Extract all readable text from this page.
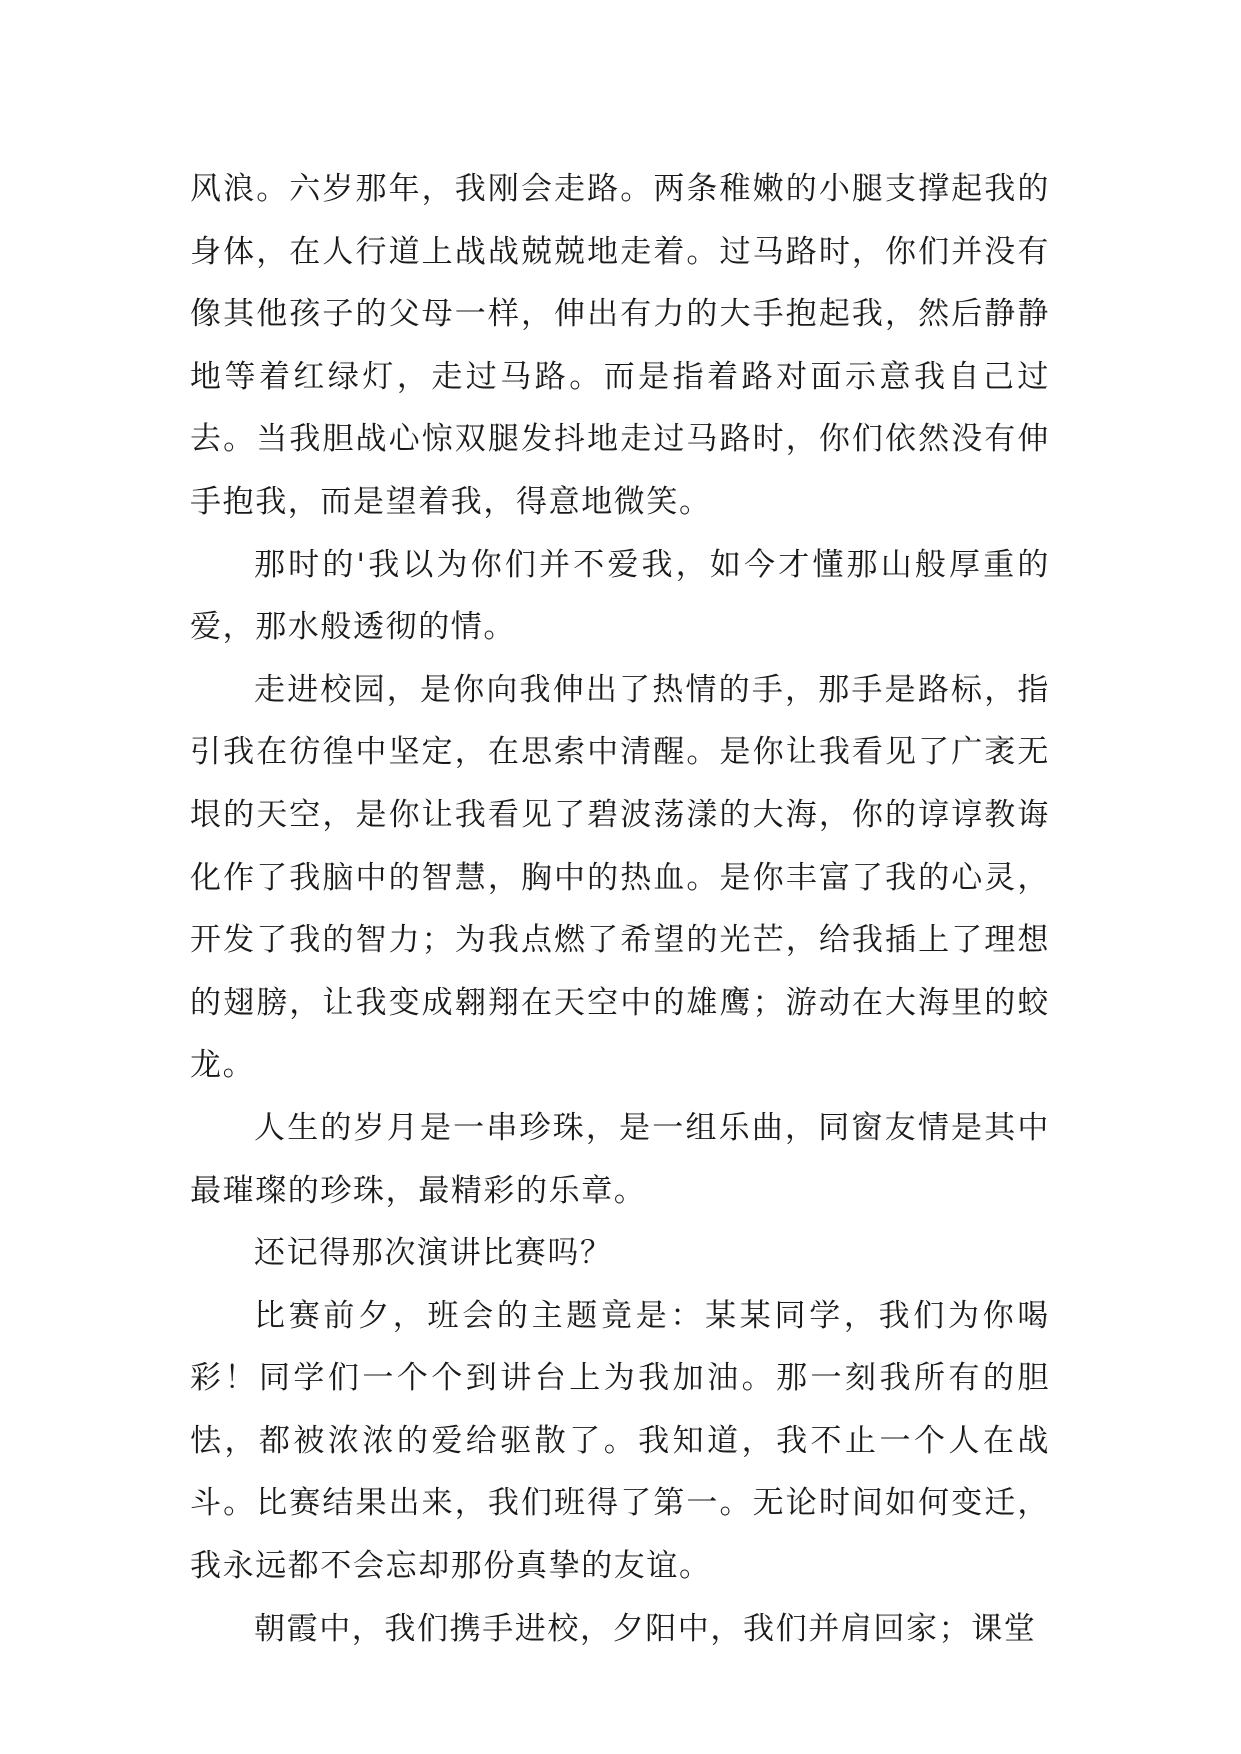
风浪。六岁那年，我刚会走路。两条稚嫩的小腿支撑起我的身体，在人行道上战战兢兢地走着。过马路时，你们并没有像其他孩子的父母一样，伸出有力的大手抱起我，然后静静地等着红绿灯，走过马路。而是指着路对面示意我自己过去。当我胆战心惊双腿发抖地走过马路时，你们依然没有伸手抱我，而是望着我，得意地微笑。

那时的'我以为你们并不爱我，如今才懂那山般厚重的爱，那水般透彻的情。

走进校园，是你向我伸出了热情的手，那手是路标，指引我在彷徨中坚定，在思索中清醒。是你让我看见了广袤无垠的天空，是你让我看见了碧波荡漾的大海，你的谆谆教诲化作了我脑中的智慧，胸中的热血。是你丰富了我的心灵，开发了我的智力；为我点燃了希望的光芒，给我插上了理想的翅膀，让我变成翱翔在天空中的雄鹰；游动在大海里的蛟龙。

人生的岁月是一串珍珠，是一组乐曲，同窗友情是其中最璀璨的珍珠，最精彩的乐章。

还记得那次演讲比赛吗？

比赛前夕，班会的主题竟是：某某同学，我们为你喝彩！同学们一个个到讲台上为我加油。那一刻我所有的胆怯，都被浓浓的爱给驱散了。我知道，我不止一个人在战斗。比赛结果出来，我们班得了第一。无论时间如何变迁，我永远都不会忘却那份真挚的友谊。

朝霞中，我们携手进校，夕阳中，我们并肩回家；课堂
